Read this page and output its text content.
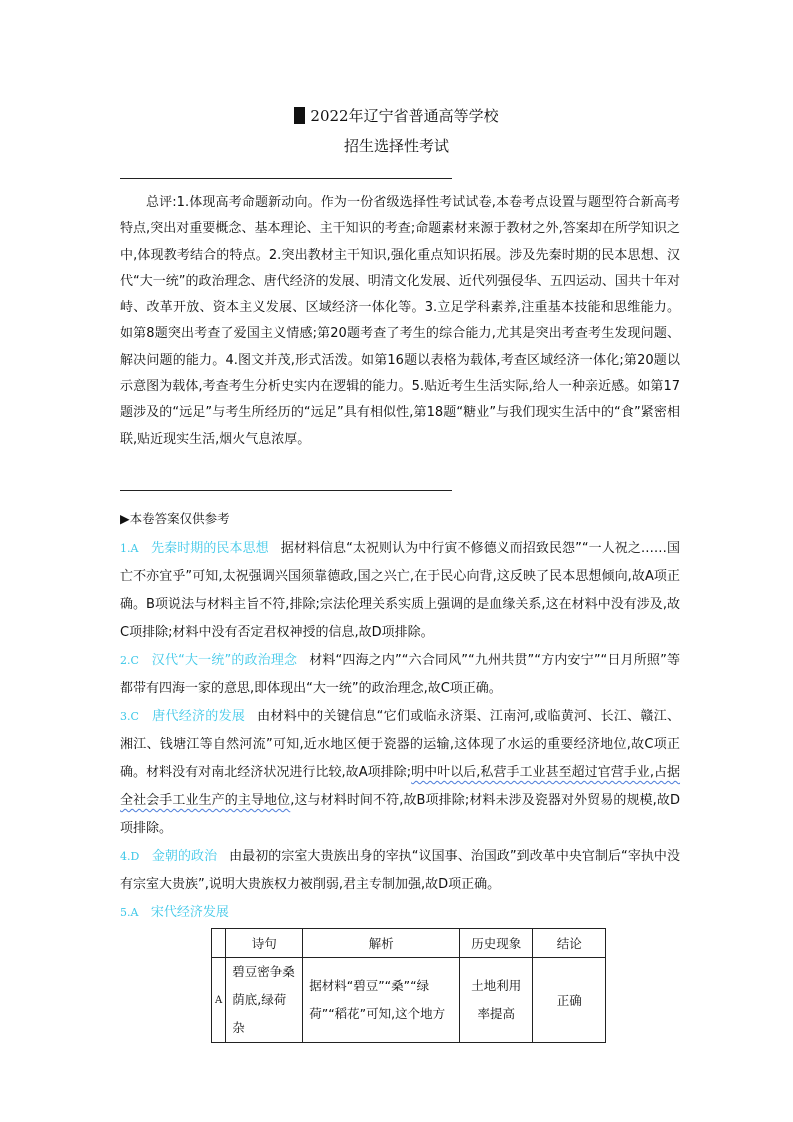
2022年辽宁省普通高等学校
招生选择性考试
总评:1.体现高考命题新动向。作为一份省级选择性考试试卷,本卷考点设置与题型符合新高考特点,突出对重要概念、基本理论、主干知识的考查;命题素材来源于教材之外,答案却在所学知识之中,体现教考结合的特点。2.突出教材主干知识,强化重点知识拓展。涉及先秦时期的民本思想、汉代“大一统”的政治理念、唐代经济的发展、明清文化发展、近代列强侵华、五四运动、国共十年对峙、改革开放、资本主义发展、区域经济一体化等。3.立足学科素养,注重基本技能和思维能力。如第8题突出考查了爱国主义情感;第20题考查了考生的综合能力,尤其是突出考查考生发现问题、解决问题的能力。4.图文并茂,形式活泼。如第16题以表格为载体,考查区域经济一体化;第20题以示意图为载体,考查考生分析史实内在逻辑的能力。5.贴近考生生活实际,给人一种亲近感。如第17题涉及的“远足”与考生所经历的“远足”具有相似性,第18题“糖业”与我们现实生活中的“食”紧密相联,贴近现实生活,烟火气息浓厚。
▶本卷答案仅供参考
1.A 先秦时期的民本思想 据材料信息“太祝则认为中行寅不修德义而招致民怨”“一人祝之……国亡不亦宜乎”可知,太祝强调兴国须靠德政,国之兴亡,在于民心向背,这反映了民本思想倾向,故A项正确。B项说法与材料主旨不符,排除;宗法伦理关系实质上强调的是血缘关系,这在材料中没有涉及,故C项排除;材料中没有否定君权神授的信息,故D项排除。
2.C 汉代“大一统”的政治理念 材料“四海之内”“六合同风”“九州共贯”“方内安宁”“日月所照”等都带有四海一家的意思,即体现出“大一统”的政治理念,故C项正确。
3.C 唐代经济的发展 由材料中的关键信息“它们或临永济渠、江南河,或临黄河、长江、赣江、湘江、钱塘江等自然河流”可知,近水地区便于瓷器的运输,这体现了水运的重要经济地位,故C项正确。材料没有对南北经济状况进行比较,故A项排除;明中叶以后,私营手工业甚至超过官营手业,占据全社会手工业生产的主导地位,这与材料时间不符,故B项排除;材料未涉及瓷器对外贸易的规模,故D项排除。
4.D 金朝的政治 由最初的宗室大贵族出身的宰执“议国事、治国政”到改革中央官制后“宰执中没有宗室大贵族”,说明大贵族权力被削弱,君主专制加强,故D项正确。
5.A 宋代经济发展
	诗句	解析	历史现象	结论
A	碧豆密争桑荫底,绿荷杂	据材料“碧豆”“桑”“绿荷”“稻花”可知,这个地方	土地利用率提高	正确
